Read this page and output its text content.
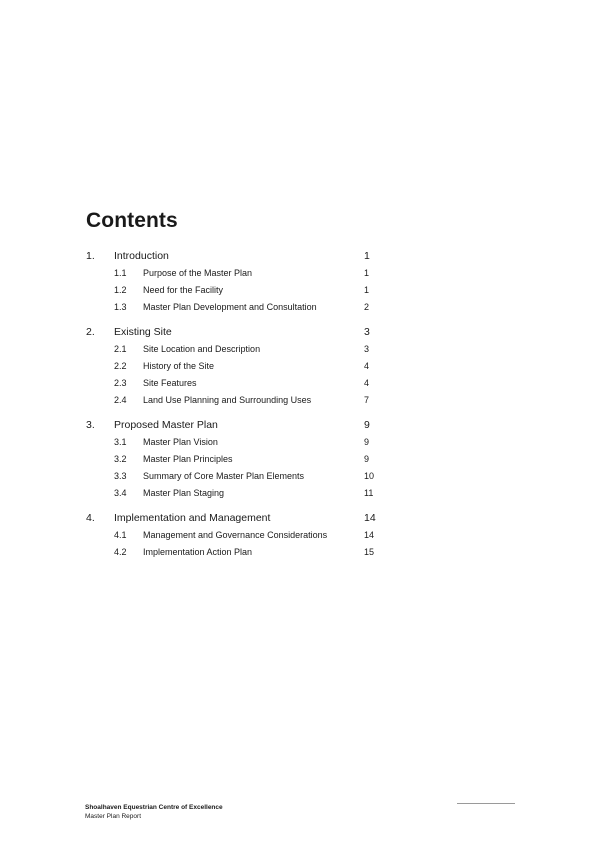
Contents
1. Introduction	1
1.1 Purpose of the Master Plan	1
1.2 Need for the Facility	1
1.3 Master Plan Development and Consultation	2
2. Existing Site	3
2.1 Site Location and Description	3
2.2 History of the Site	4
2.3 Site Features	4
2.4 Land Use Planning and Surrounding Uses	7
3. Proposed Master Plan	9
3.1 Master Plan Vision	9
3.2 Master Plan Principles	9
3.3 Summary of Core Master Plan Elements	10
3.4 Master Plan Staging	11
4. Implementation and Management	14
4.1 Management and Governance Considerations	14
4.2 Implementation Action Plan	15
Shoalhaven Equestrian Centre of Excellence
Master Plan Report
